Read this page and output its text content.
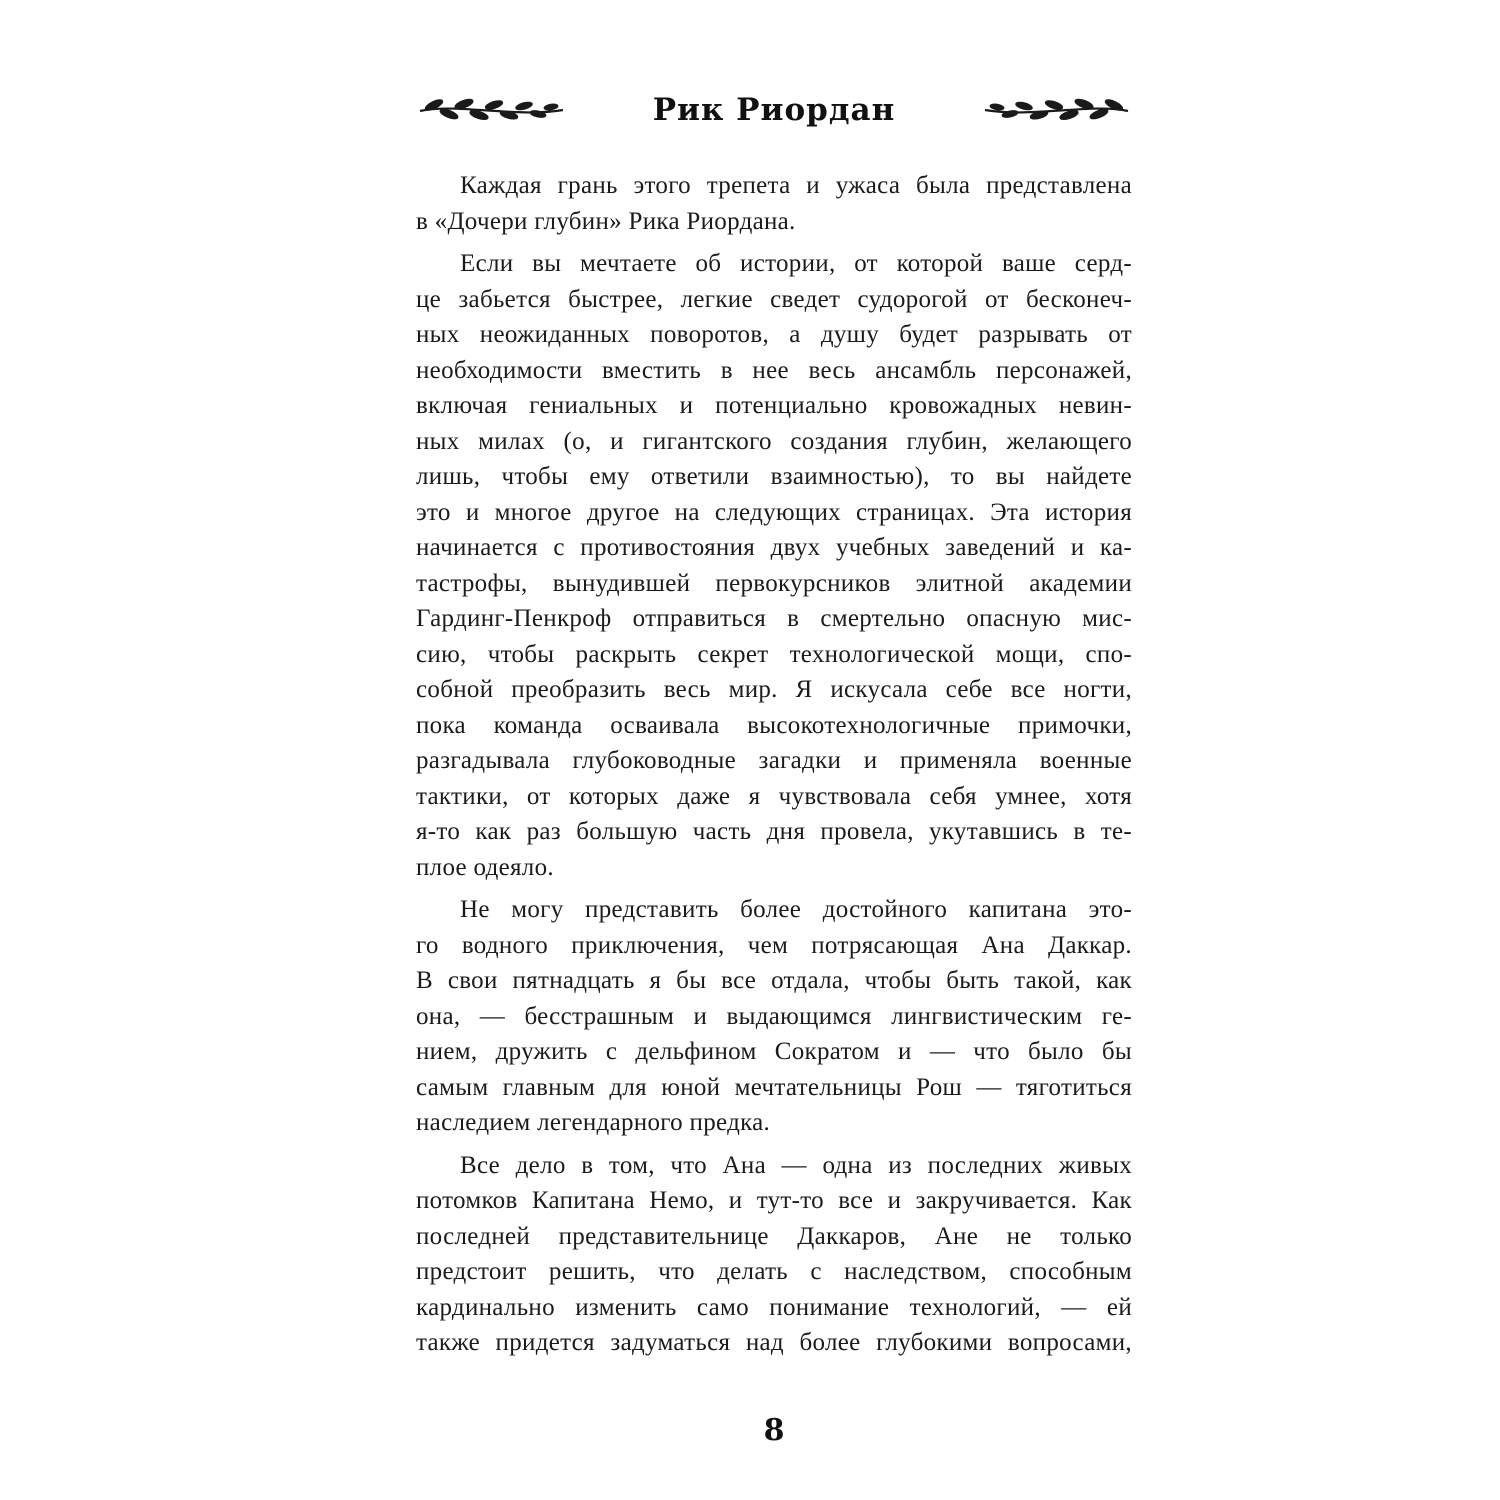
Рик Риордан

Каждая грань этого трепета и ужаса была представлена
в «Дочери глубин» Рика Риордана.

Если вы мечтаете об истории, от которой ваше серд-
це забьется быстрее, легкие сведет судорогой от бесконеч-
ных неожиданных поворотов, а душу будет разрывать от
необходимости вместить в нее весь ансамбль персонажей,
включая гениальных и потенциально кровожадных невин-
ных милах (о, и гигантского создания глубин, желающего
лишь, чтобы ему ответили взаимностью), то вы найдете
это и многое другое на следующих страницах. Эта история
начинается с противостояния двух учебных заведений и ка-
тастрофы, вынудившей первокурсников элитной академии
Гардинг-Пенкроф отправиться в смертельно опасную мис-
сию, чтобы раскрыть секрет технологической мощи, спо-
собной преобразить весь мир. Я искусала себе все ногти,
пока команда осваивала высокотехнологичные примочки,
разгадывала глубоководные загадки и применяла военные
тактики, от которых даже я чувствовала себя умнее, хотя
я-то как раз большую часть дня провела, укутавшись в те-
плое одеяло.

Не могу представить более достойного капитана это-
го водного приключения, чем потрясающая Ана Даккар.
В свои пятнадцать я бы все отдала, чтобы быть такой, как
она, — бесстрашным и выдающимся лингвистическим ге-
нием, дружить с дельфином Сократом и — что было бы
самым главным для юной мечтательницы Рош — тяготиться
наследием легендарного предка.

Все дело в том, что Ана — одна из последних живых
потомков Капитана Немо, и тут-то все и закручивается. Как
последней представительнице Даккаров, Ане не только
предстоит решить, что делать с наследством, способным
кардинально изменить само понимание технологий, — ей
также придется задуматься над более глубокими вопросами,

8
